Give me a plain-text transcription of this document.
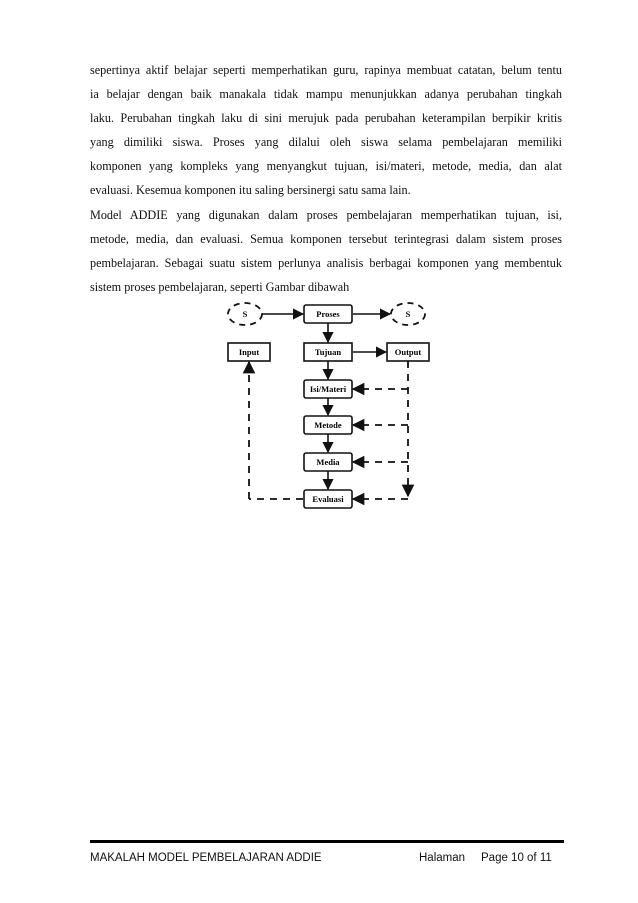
sepertinya aktif belajar seperti memperhatikan guru, rapinya membuat catatan, belum tentu
ia belajar dengan baik manakala tidak mampu menunjukkan adanya perubahan tingkah
laku. Perubahan tingkah laku di sini merujuk pada perubahan keterampilan berpikir kritis
yang dimiliki siswa. Proses yang dilalui oleh siswa selama pembelajaran memiliki
komponen yang kompleks yang menyangkut tujuan, isi/materi, metode, media, dan alat
evaluasi. Kesemua komponen itu saling bersinergi satu sama lain.

Model ADDIE yang digunakan dalam proses pembelajaran memperhatikan tujuan, isi,
metode, media, dan evaluasi. Semua komponen tersebut terintegrasi dalam sistem proses
pembelajaran. Sebagai suatu sistem perlunya analisis berbagai komponen yang membentuk
sistem proses pembelajaran, seperti Gambar dibawah

S	S
Proses
Input	Tujuan	Output
Isi/Materi
Metode
Media
Evaluasi
MAKALAH MODEL PEMBELAJARAN ADDIE	Halaman Page 10 of 11
